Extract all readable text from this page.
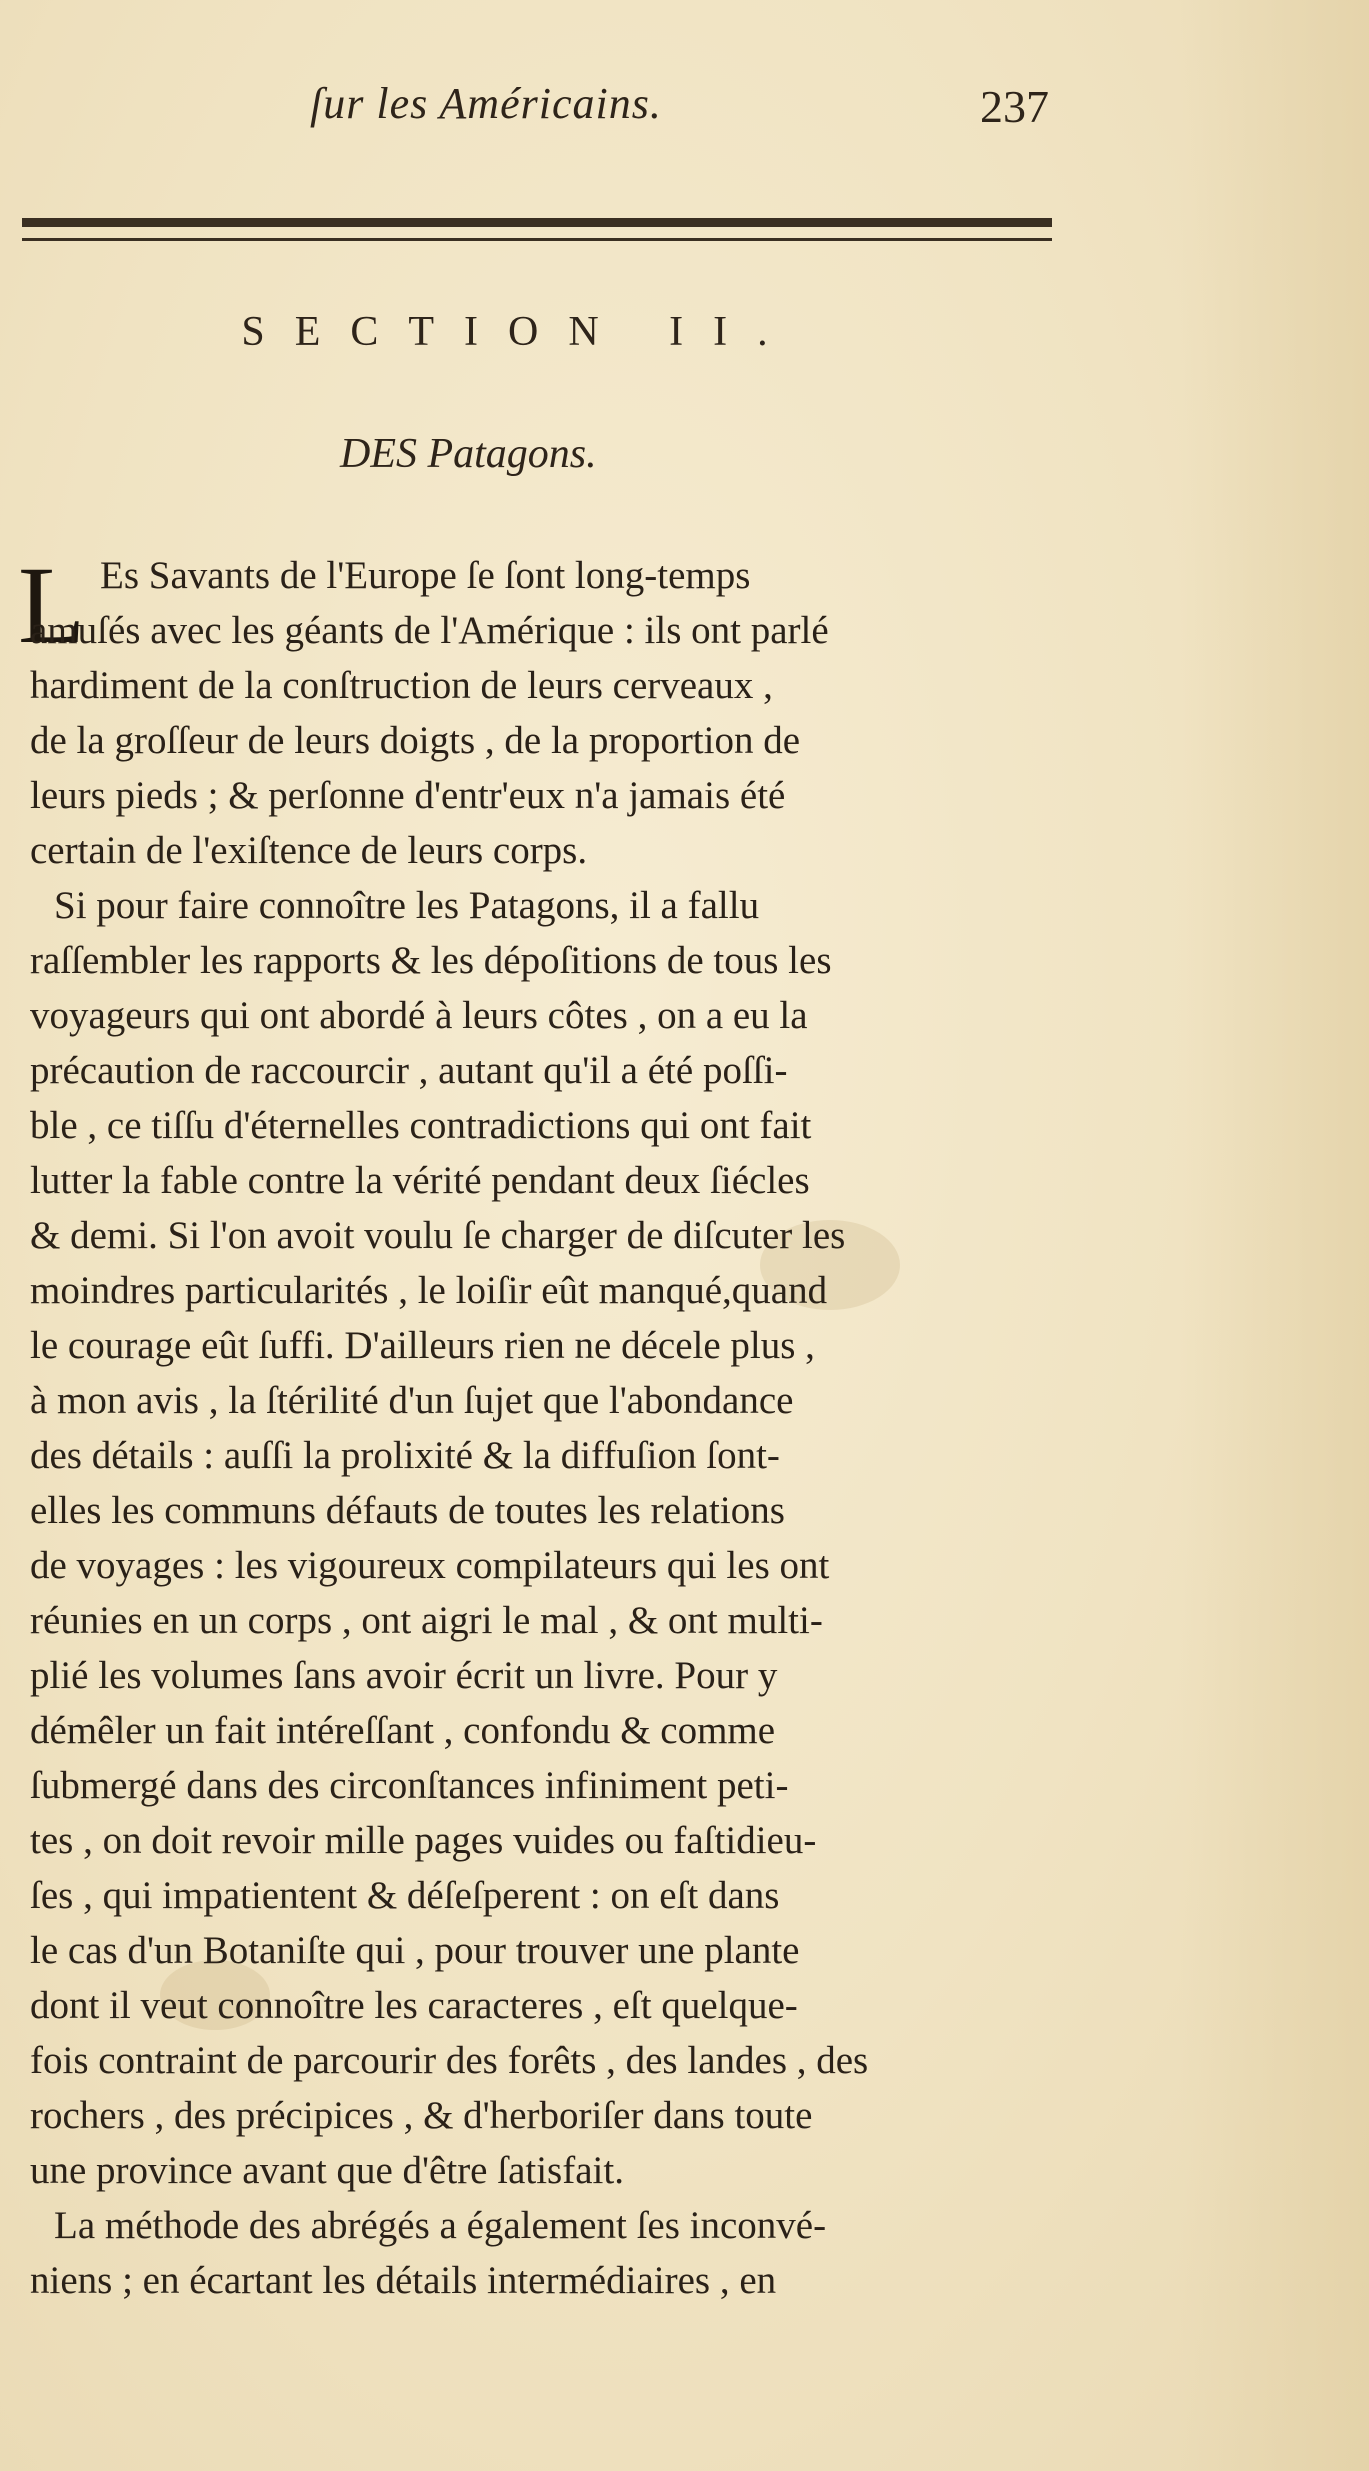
ſur les Américains.	237
SECTION II.
DES Patagons.
L Es Savants de l'Europe ſe ſont long-temps
amuſés avec les géants de l'Amérique : ils ont parlé
hardiment de la conſtruction de leurs cerveaux ,
de la groſſeur de leurs doigts , de la proportion de
leurs pieds ; & perſonne d'entr'eux n'a jamais été
certain de l'exiſtence de leurs corps.
Si pour faire connoître les Patagons, il a fallu
raſſembler les rapports & les dépoſitions de tous les
voyageurs qui ont abordé à leurs côtes , on a eu la
précaution de raccourcir , autant qu'il a été poſſi-
ble , ce tiſſu d'éternelles contradictions qui ont fait
lutter la fable contre la vérité pendant deux ſiécles
& demi. Si l'on avoit voulu ſe charger de diſcuter les
moindres particularités , le loiſir eût manqué,quand
le courage eût ſuffi. D'ailleurs rien ne décele plus ,
à mon avis , la ſtérilité d'un ſujet que l'abondance
des détails : auſſi la prolixité & la diffuſion ſont-
elles les communs défauts de toutes les relations
de voyages : les vigoureux compilateurs qui les ont
réunies en un corps , ont aigri le mal , & ont multi-
plié les volumes ſans avoir écrit un livre. Pour y
démêler un fait intéreſſant , confondu & comme
ſubmergé dans des circonſtances infiniment peti-
tes , on doit revoir mille pages vuides ou faſtidieu-
ſes , qui impatientent & déſeſperent : on eſt dans
le cas d'un Botaniſte qui , pour trouver une plante
dont il veut connoître les caracteres , eſt quelque-
fois contraint de parcourir des forêts , des landes , des
rochers , des précipices , & d'herboriſer dans toute
une province avant que d'être ſatisfait.
La méthode des abrégés a également ſes inconvé-
niens ; en écartant les détails intermédiaires , en
